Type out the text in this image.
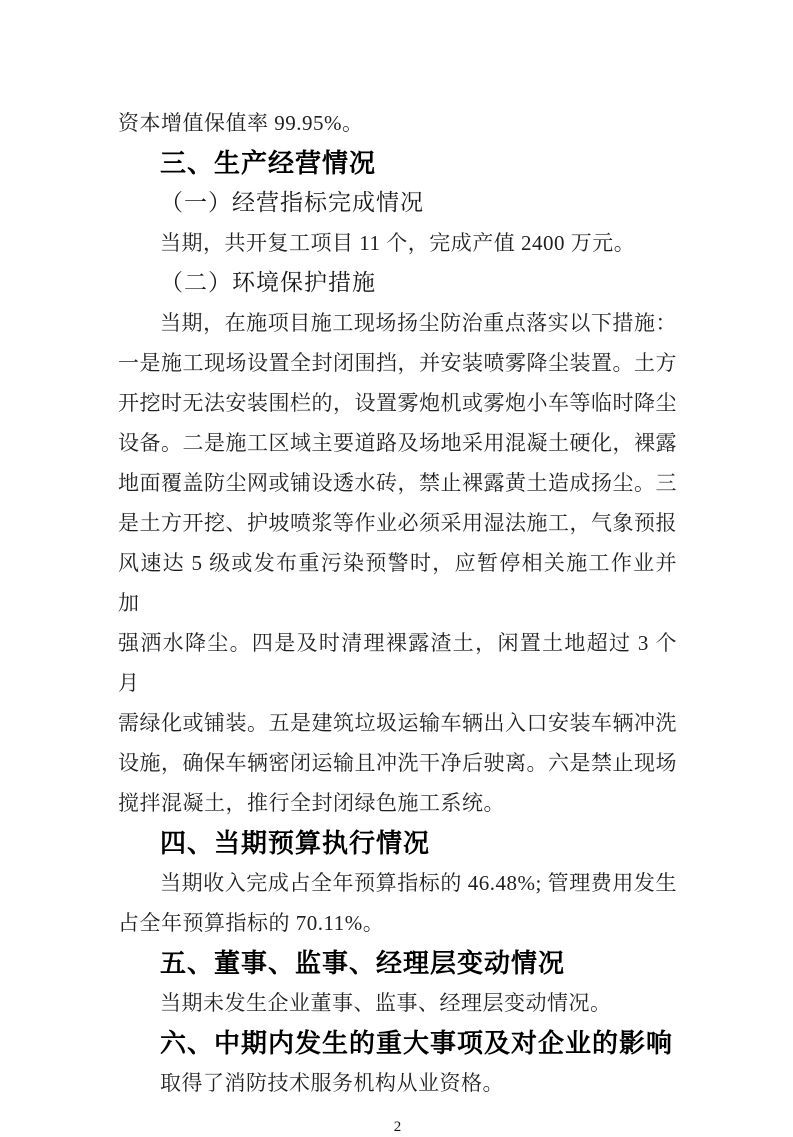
资本增值保值率 99.95%。
三、生产经营情况
（一）经营指标完成情况
当期，共开复工项目 11 个，完成产值 2400 万元。
（二）环境保护措施
当期，在施项目施工现场扬尘防治重点落实以下措施：
一是施工现场设置全封闭围挡，并安装喷雾降尘装置。土方
开挖时无法安装围栏的，设置雾炮机或雾炮小车等临时降尘
设备。二是施工区域主要道路及场地采用混凝土硬化，裸露
地面覆盖防尘网或铺设透水砖，禁止裸露黄土造成扬尘。三
是土方开挖、护坡喷浆等作业必须采用湿法施工，气象预报
风速达 5 级或发布重污染预警时，应暂停相关施工作业并加
强洒水降尘。四是及时清理裸露渣土，闲置土地超过 3 个月
需绿化或铺装。五是建筑垃圾运输车辆出入口安装车辆冲洗
设施，确保车辆密闭运输且冲洗干净后驶离。六是禁止现场
搅拌混凝土，推行全封闭绿色施工系统。
四、当期预算执行情况
当期收入完成占全年预算指标的 46.48%; 管理费用发生
占全年预算指标的 70.11%。
五、董事、监事、经理层变动情况
当期未发生企业董事、监事、经理层变动情况。
六、中期内发生的重大事项及对企业的影响
取得了消防技术服务机构从业资格。
2
